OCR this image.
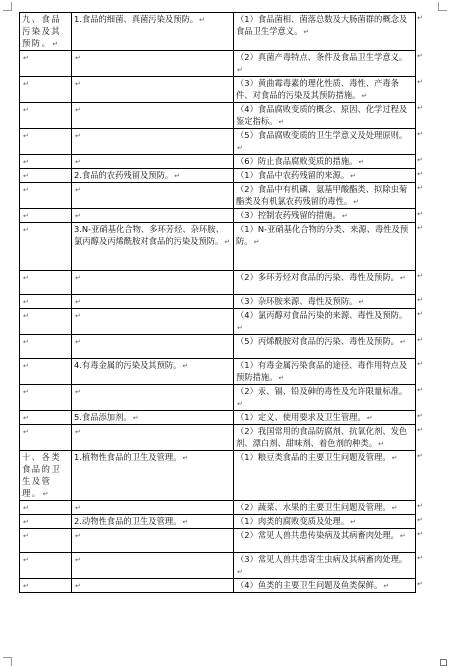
九、食品污染及其预防。↵	1.食品的细菌、真菌污染及预防。↵	（1）食品菌相、菌落总数及大肠菌群的概念及食品卫生学意义。↵
↵	↵	（2）真菌产毒特点、条件及食品卫生学意义。↵
↵	↵	（3）黄曲霉毒素的理化性质、毒性、产毒条件、对食品的污染及其预防措施。↵
↵	↵	（4）食品腐败变质的概念、原因、化学过程及鉴定指标。↵
↵	↵	（5）食品腐败变质的卫生学意义及处理原则。↵
↵	↵	（6）防止食品腐败变质的措施。↵
↵	2.食品的农药残留及预防。↵	（1）食品中农药残留的来源。↵
↵	↵	（2）食品中有机磷、氨基甲酸酯类、拟除虫菊酯类及有机氯农药残留的毒性。↵
↵	↵	（3）控制农药残留的措施。↵
↵	3.N-亚硝基化合物、多环芳烃、杂环胺、氯丙醇及丙烯酰胺对食品的污染及预防。↵	（1）N-亚硝基化合物的分类、来源、毒性及预防。↵
↵	↵	（2）多环芳烃对食品的污染、毒性及预防。↵
↵	↵	（3）杂环胺来源、毒性及预防。↵
↵	↵	（4）氯丙醇对食品污染的来源、毒性及预防。↵
↵	↵	（5）丙烯酰胺对食品的污染、毒性及预防。↵
↵	4.有毒金属的污染及其预防。↵	（1）有毒金属污染食品的途径、毒作用特点及预防措施。↵
↵	↵	（2）汞、镉、铅及砷的毒性及允许限量标准。↵
↵	5.食品添加剂。↵	（1）定义、使用要求及卫生管理。↵
↵	↵	（2）我国常用的食品防腐剂、抗氧化剂、发色剂、漂白剂、甜味剂、着色剂的种类。↵
十、各类食品的卫生及管理。↵	1.植物性食品的卫生及管理。↵	（1）粮豆类食品的主要卫生问题及管理。↵
↵	↵	（2）蔬菜、水果的主要卫生问题及管理。↵
↵	2.动物性食品的卫生及管理。↵	（1）肉类的腐败变质及处理。↵
↵	↵	（2）常见人兽共患传染病及其病畜肉处理。↵
↵	↵	（3）常见人兽共患寄生虫病及其病畜肉处理。↵
↵	↵	（4）鱼类的主要卫生问题及鱼类保鲜。↵
↵
↵
↵
↵
↵
↵
↵
↵
↵
↵
↵
↵
↵
↵
↵
↵
↵
↵
↵
↵
↵
↵
↵
↵
